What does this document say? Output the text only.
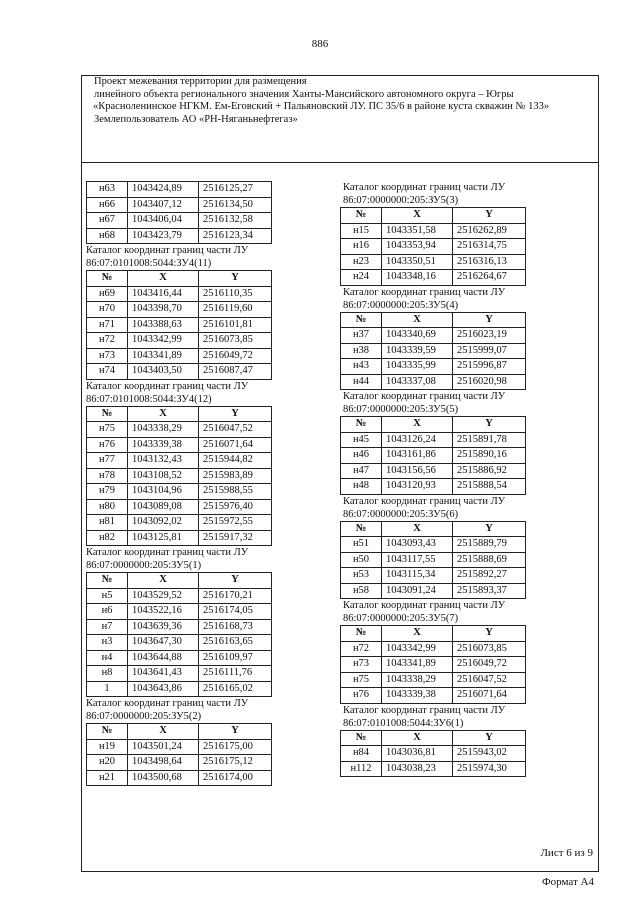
886
Проект межевания территории для размещения
линейного объекта регионального значения Ханты-Мансийского автономного округа – Югры
«Красноленинское НГКМ. Ем-Еговский + Пальяновский ЛУ. ПС 35/6 в районе куста скважин № 133»
Землепользователь АО «РН-Няганьнефтегаз»
н63	1043424,89	2516125,27
н66	1043407,12	2516134,50
н67	1043406,04	2516132,58
н68	1043423,79	2516123,34
Каталог координат границ части ЛУ
86:07:0101008:5044:ЗУ4(11)
№	X	Y
н69	1043416,44	2516110,35
н70	1043398,70	2516119,60
н71	1043388,63	2516101,81
н72	1043342,99	2516073,85
н73	1043341,89	2516049,72
н74	1043403,50	2516087,47
Каталог координат границ части ЛУ
86:07:0101008:5044:ЗУ4(12)
№	X	Y
н75	1043338,29	2516047,52
н76	1043339,38	2516071,64
н77	1043132,43	2515944,82
н78	1043108,52	2515983,89
н79	1043104,96	2515988,55
н80	1043089,08	2515976,40
н81	1043092,02	2515972,55
н82	1043125,81	2515917,32
Каталог координат границ части ЛУ
86:07:0000000:205:ЗУ5(1)
№	X	Y
н5	1043529,52	2516170,21
н6	1043522,16	2516174,05
н7	1043639,36	2516168,73
н3	1043647,30	2516163,65
н4	1043644,88	2516109,97
н8	1043641,43	2516111,76
1	1043643,86	2516165,02
Каталог координат границ части ЛУ
86:07:0000000:205:ЗУ5(2)
№	X	Y
н19	1043501,24	2516175,00
н20	1043498,64	2516175,12
н21	1043500,68	2516174,00
Каталог координат границ части ЛУ
86:07:0000000:205:ЗУ5(3)
№	X	Y
н15	1043351,58	2516262,89
н16	1043353,94	2516314,75
н23	1043350,51	2516316,13
н24	1043348,16	2516264,67
Каталог координат границ части ЛУ
86:07:0000000:205:ЗУ5(4)
№	X	Y
н37	1043340,69	2516023,19
н38	1043339,59	2515999,07
н43	1043335,99	2515996,87
н44	1043337,08	2516020,98
Каталог координат границ части ЛУ
86:07:0000000:205:ЗУ5(5)
№	X	Y
н45	1043126,24	2515891,78
н46	1043161,86	2515890,16
н47	1043156,56	2515886,92
н48	1043120,93	2515888,54
Каталог координат границ части ЛУ
86:07:0000000:205:ЗУ5(6)
№	X	Y
н51	1043093,43	2515889,79
н50	1043117,55	2515888,69
н53	1043115,34	2515892,27
н58	1043091,24	2515893,37
Каталог координат границ части ЛУ
86:07:0000000:205:ЗУ5(7)
№	X	Y
н72	1043342,99	2516073,85
н73	1043341,89	2516049,72
н75	1043338,29	2516047,52
н76	1043339,38	2516071,64
Каталог координат границ части ЛУ
86:07:0101008:5044:ЗУ6(1)
№	X	Y
н84	1043036,81	2515943,02
н112	1043038,23	2515974,30
Лист 6 из 9
Формат А4
